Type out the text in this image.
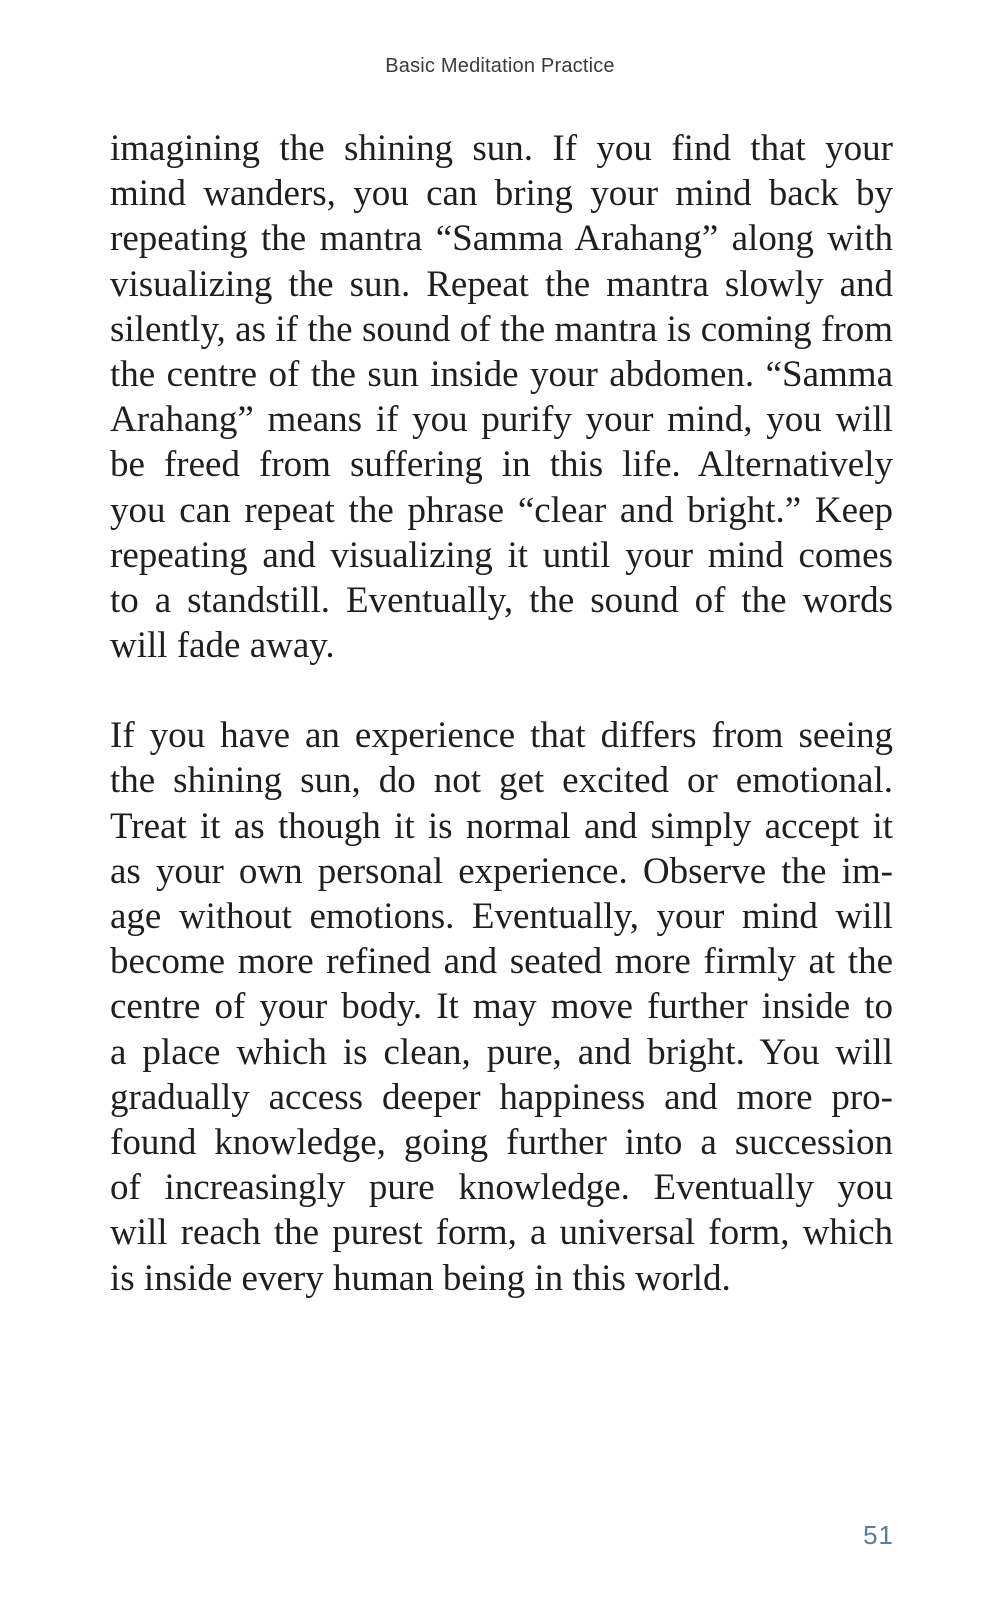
Basic Meditation Practice
imagining the shining sun. If you find that your
mind wanders, you can bring your mind back by
repeating the mantra “Samma Arahang” along with
visualizing the sun. Repeat the mantra slowly and
silently, as if the sound of the mantra is coming from
the centre of the sun inside your abdomen. “Samma
Arahang” means if you purify your mind, you will
be freed from suffering in this life. Alternatively
you can repeat the phrase “clear and bright.” Keep
repeating and visualizing it until your mind comes
to a standstill. Eventually, the sound of the words
will fade away.
If you have an experience that differs from seeing
the shining sun, do not get excited or emotional.
Treat it as though it is normal and simply accept it
as your own personal experience. Observe the im-
age without emotions. Eventually, your mind will
become more refined and seated more firmly at the
centre of your body. It may move further inside to
a place which is clean, pure, and bright. You will
gradually access deeper happiness and more pro-
found knowledge, going further into a succession
of increasingly pure knowledge. Eventually you
will reach the purest form, a universal form, which
is inside every human being in this world.
51
